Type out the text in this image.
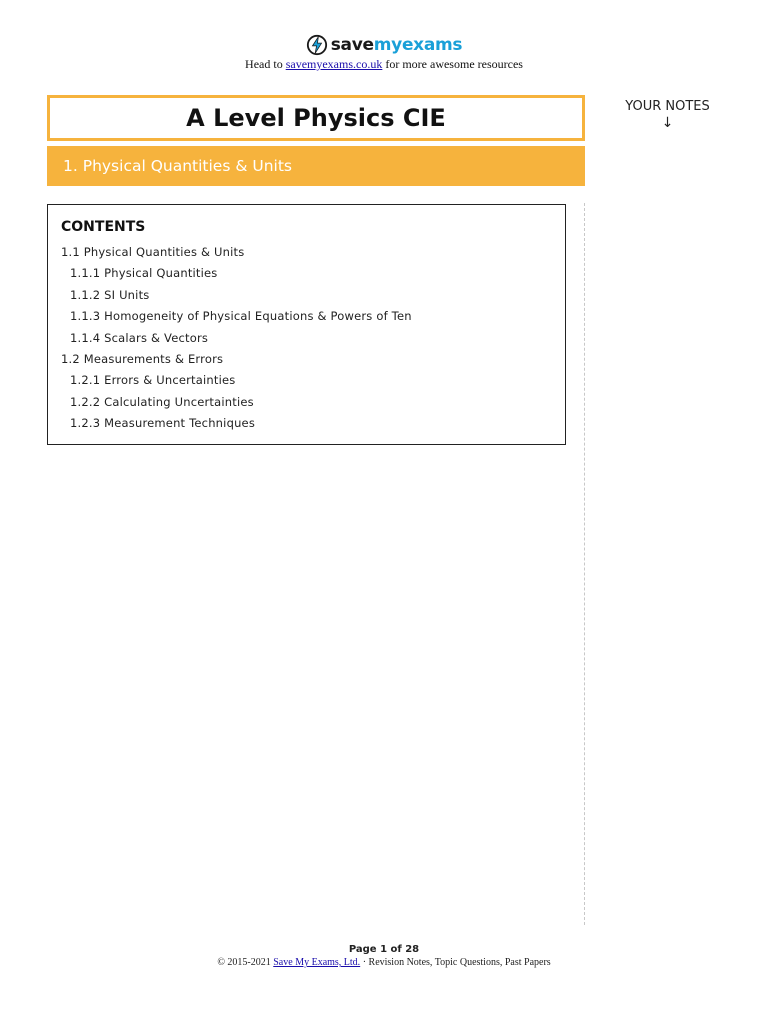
savemyexams
Head to savemyexams.co.uk for more awesome resources
A Level Physics CIE
1. Physical Quantities & Units
YOUR NOTES
↓
CONTENTS
1.1 Physical Quantities & Units
1.1.1 Physical Quantities
1.1.2 SI Units
1.1.3 Homogeneity of Physical Equations & Powers of Ten
1.1.4 Scalars & Vectors
1.2 Measurements & Errors
1.2.1 Errors & Uncertainties
1.2.2 Calculating Uncertainties
1.2.3 Measurement Techniques
Page 1 of 28
© 2015-2021 Save My Exams, Ltd. · Revision Notes, Topic Questions, Past Papers
